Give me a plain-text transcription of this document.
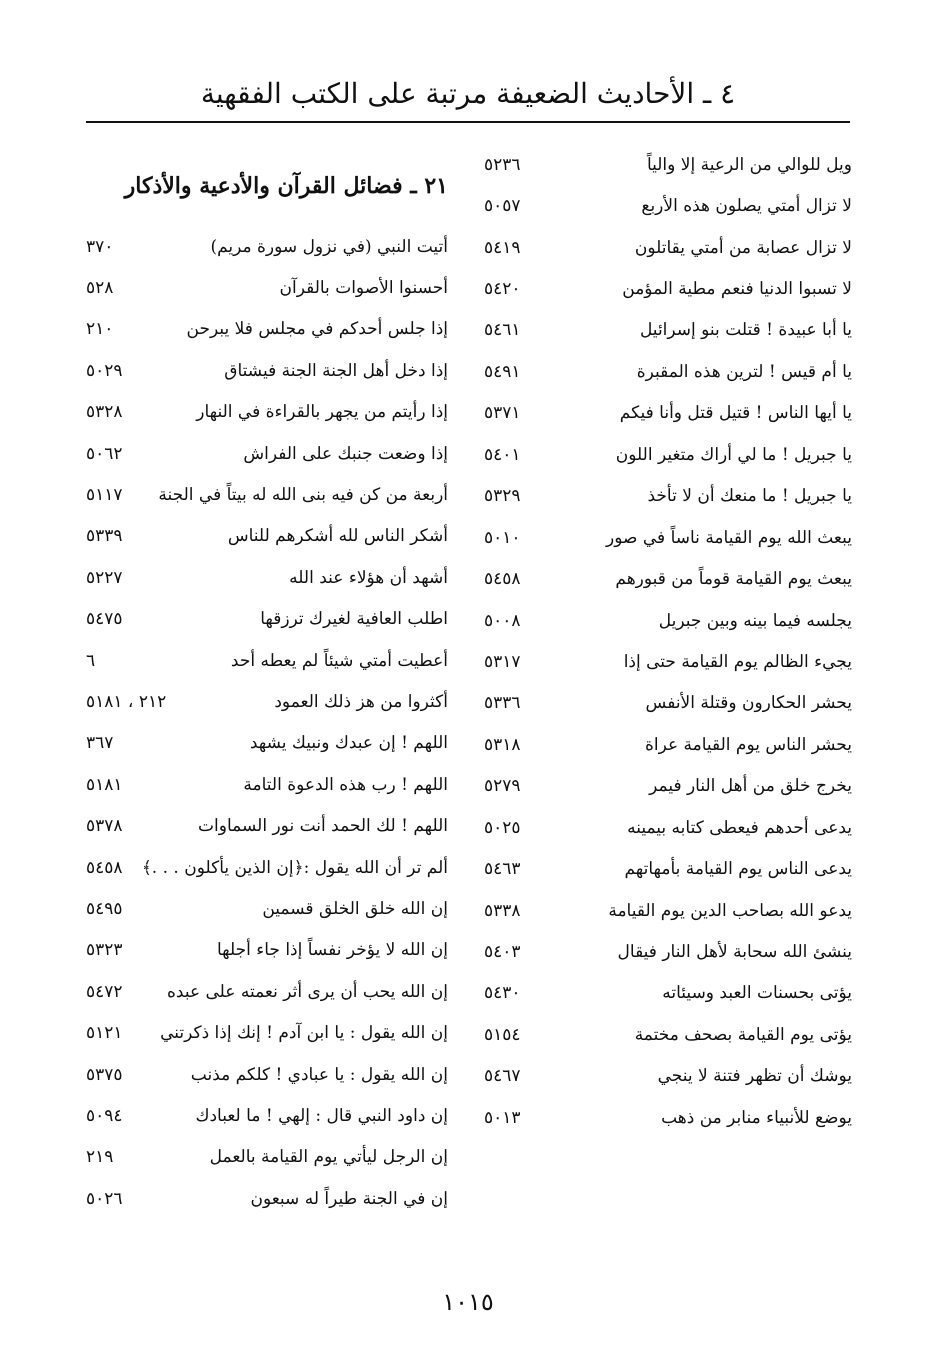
٤ ـ الأحاديث الضعيفة مرتبة على الكتب الفقهية
ويل للوالي من الرعية إلا والياً
٥٢٣٦
لا تزال أمتي يصلون هذه الأربع
٥٠٥٧
لا تزال عصابة من أمتي يقاتلون
٥٤١٩
لا تسبوا الدنيا فنعم مطية المؤمن
٥٤٢٠
يا أبا عبيدة ! قتلت بنو إسرائيل
٥٤٦١
يا أم قيس ! لترين هذه المقبرة
٥٤٩١
يا أيها الناس ! قتيل قتل وأنا فيكم
٥٣٧١
يا جبريل ! ما لي أراك متغير اللون
٥٤٠١
يا جبريل ! ما منعك أن لا تأخذ
٥٣٢٩
يبعث الله يوم القيامة ناساً في صور
٥٠١٠
يبعث يوم القيامة قوماً من قبورهم
٥٤٥٨
يجلسه فيما بينه وبين جبريل
٥٠٠٨
يجيء الظالم يوم القيامة حتى إذا
٥٣١٧
يحشر الحكارون وقتلة الأنفس
٥٣٣٦
يحشر الناس يوم القيامة عراة
٥٣١٨
يخرج خلق من أهل النار فيمر
٥٢٧٩
يدعى أحدهم فيعطى كتابه بيمينه
٥٠٢٥
يدعى الناس يوم القيامة بأمهاتهم
٥٤٦٣
يدعو الله بصاحب الدين يوم القيامة
٥٣٣٨
ينشئ الله سحابة لأهل النار فيقال
٥٤٠٣
يؤتى بحسنات العبد وسيئاته
٥٤٣٠
يؤتى يوم القيامة بصحف مختمة
٥١٥٤
يوشك أن تظهر فتنة لا ينجي
٥٤٦٧
يوضع للأنبياء منابر من ذهب
٥٠١٣
٢١ ـ فضائل القرآن والأدعية والأذكار
أتيت النبي (في نزول سورة مريم)
٣٧٠
أحسنوا الأصوات بالقرآن
٥٢٨
إذا جلس أحدكم في مجلس فلا يبرحن
٢١٠
إذا دخل أهل الجنة الجنة فيشتاق
٥٠٢٩
إذا رأيتم من يجهر بالقراءة في النهار
٥٣٢٨
إذا وضعت جنبك على الفراش
٥٠٦٢
أربعة من كن فيه بنى الله له بيتاً في الجنة
٥١١٧
أشكر الناس لله أشكرهم للناس
٥٣٣٩
أشهد أن هؤلاء عند الله
٥٢٢٧
اطلب العافية لغيرك ترزقها
٥٤٧٥
أعطيت أمتي شيئاً لم يعطه أحد
٦
أكثروا من هز ذلك العمود
٢١٢ ، ٥١٨١
اللهم ! إن عبدك ونبيك يشهد
٣٦٧
اللهم ! رب هذه الدعوة التامة
٥١٨١
اللهم ! لك الحمد أنت نور السماوات
٥٣٧٨
ألم تر أن الله يقول :﴿إن الذين يأكلون . . .﴾
٥٤٥٨
إن الله خلق الخلق قسمين
٥٤٩٥
إن الله لا يؤخر نفساً إذا جاء أجلها
٥٣٢٣
إن الله يحب أن يرى أثر نعمته على عبده
٥٤٧٢
إن الله يقول : يا ابن آدم ! إنك إذا ذكرتني
٥١٢١
إن الله يقول : يا عبادي ! كلكم مذنب
٥٣٧٥
إن داود النبي قال : إلهي ! ما لعبادك
٥٠٩٤
إن الرجل ليأتي يوم القيامة بالعمل
٢١٩
إن في الجنة طيراً له سبعون
٥٠٢٦
١٠١٥
